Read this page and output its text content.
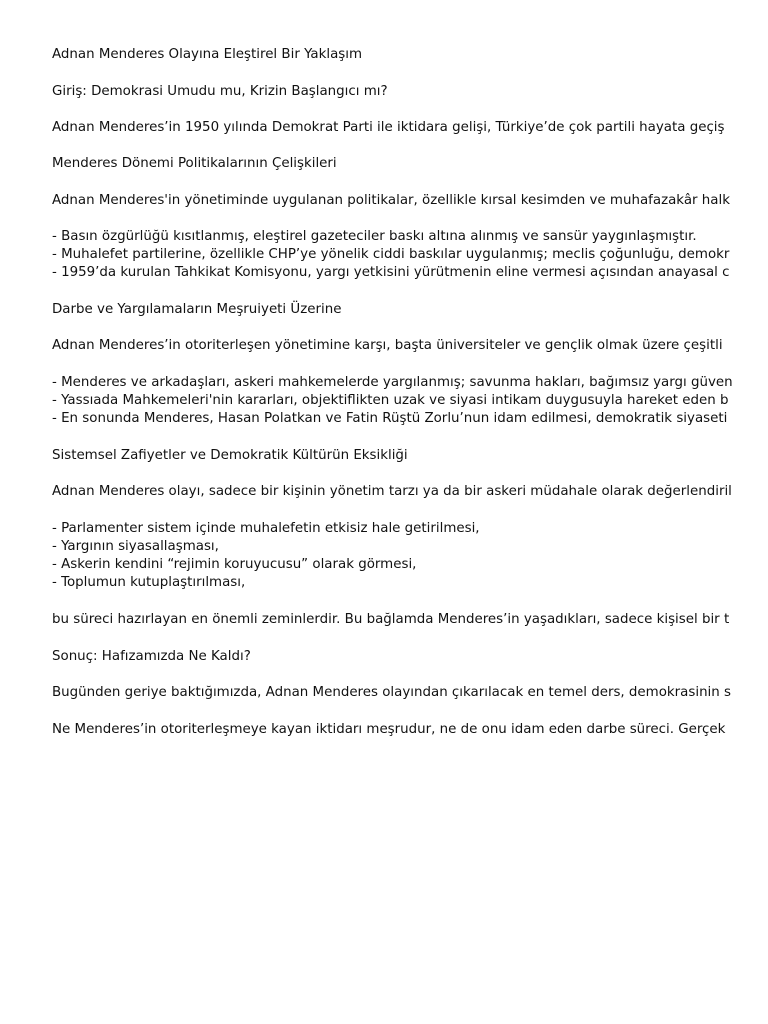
Adnan Menderes Olayına Eleştirel Bir Yaklaşım
Giriş: Demokrasi Umudu mu, Krizin Başlangıcı mı?
Adnan Menderes’in 1950 yılında Demokrat Parti ile iktidara gelişi, Türkiye’de çok partili hayata geçiş
Menderes Dönemi Politikalarının Çelişkileri
Adnan Menderes'in yönetiminde uygulanan politikalar, özellikle kırsal kesimden ve muhafazakâr halk
- Basın özgürlüğü kısıtlanmış, eleştirel gazeteciler baskı altına alınmış ve sansür yaygınlaşmıştır.
- Muhalefet partilerine, özellikle CHP’ye yönelik ciddi baskılar uygulanmış; meclis çoğunluğu, demokr
- 1959’da kurulan Tahkikat Komisyonu, yargı yetkisini yürütmenin eline vermesi açısından anayasal c
Darbe ve Yargılamaların Meşruiyeti Üzerine
Adnan Menderes’in otoriterleşen yönetimine karşı, başta üniversiteler ve gençlik olmak üzere çeşitli
- Menderes ve arkadaşları, askeri mahkemelerde yargılanmış; savunma hakları, bağımsız yargı güven
- Yassıada Mahkemeleri'nin kararları, objektiflikten uzak ve siyasi intikam duygusuyla hareket eden b
- En sonunda Menderes, Hasan Polatkan ve Fatin Rüştü Zorlu’nun idam edilmesi, demokratik siyaseti
Sistemsel Zafiyetler ve Demokratik Kültürün Eksikliği
Adnan Menderes olayı, sadece bir kişinin yönetim tarzı ya da bir askeri müdahale olarak değerlendiril
- Parlamenter sistem içinde muhalefetin etkisiz hale getirilmesi,
- Yargının siyasallaşması,
- Askerin kendini “rejimin koruyucusu” olarak görmesi,
- Toplumun kutuplaştırılması,
bu süreci hazırlayan en önemli zeminlerdir. Bu bağlamda Menderes’in yaşadıkları, sadece kişisel bir t
Sonuç: Hafızamızda Ne Kaldı?
Bugünden geriye baktığımızda, Adnan Menderes olayından çıkarılacak en temel ders, demokrasinin s
Ne Menderes’in otoriterleşmeye kayan iktidarı meşrudur, ne de onu idam eden darbe süreci. Gerçek
